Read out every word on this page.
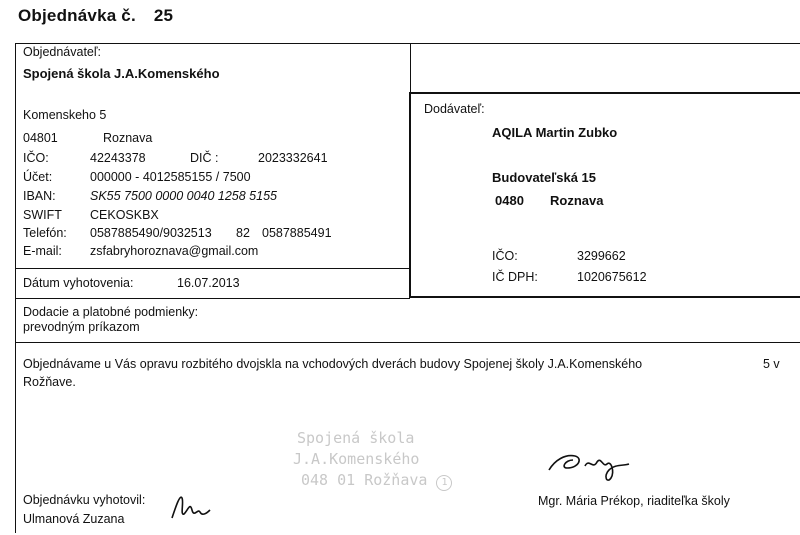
Objednávka č. 25
Objednávateľ:
Spojená škola J.A.Komenského
Komenskeho 5
04801	Roznava
IČO:	42243378	DIČ :	2023332641
Účet:	000000 - 4012585155 / 7500
IBAN:	SK55 7500 0000 0040 1258 5155
SWIFT CEKOSKBX
Telefón: 0587885490/9032513 82 0587885491
E-mail: zsfabryhoroznava@gmail.com
Dátum vyhotovenia:	16.07.2013
Dodávateľ:
AQILA Martin Zubko
Budovateľská 15
0480 Roznava
IČO:	3299662
IČ DPH:	1020675612
Dodacie a platobné podmienky:
prevodným príkazom
Objednávame u Vás opravu rozbitého dvojskla na vchodových dverách budovy Spojenej školy J.A.Komenského	5 v
Rožňave.
Spojená škola
J.A.Komenského
048 01 Rožňava 1
Objednávku vyhotovil:
Ulmanová Zuzana
Mgr. Mária Prékop, riaditeľka školy
